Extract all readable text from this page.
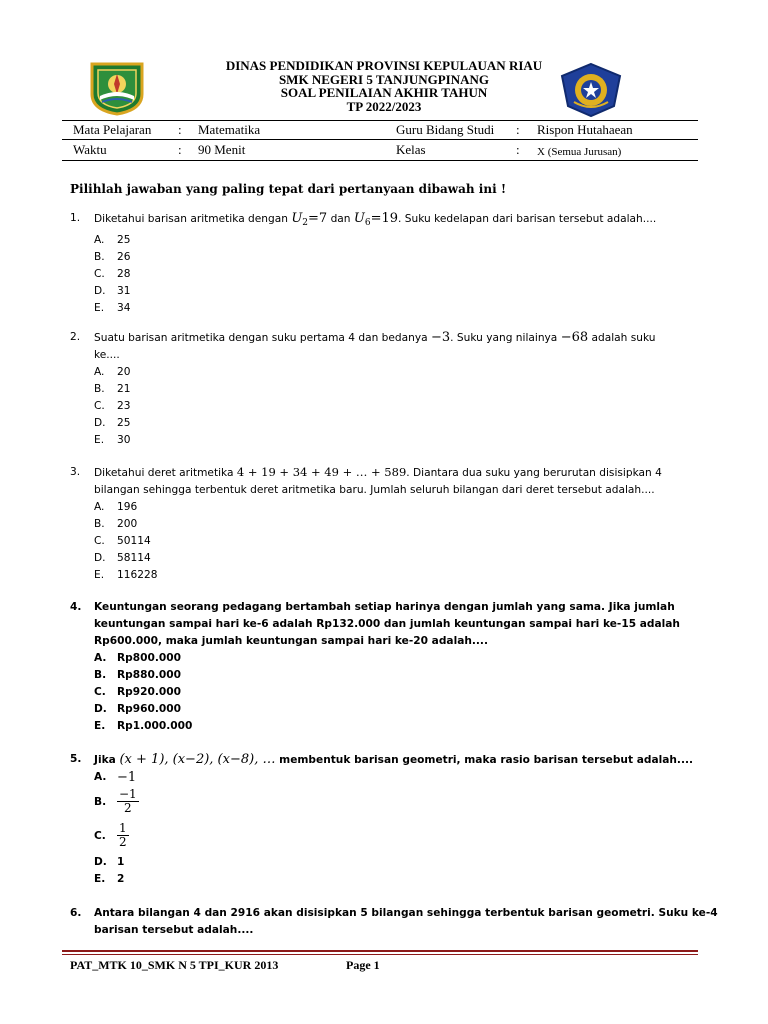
DINAS PENDIDIKAN PROVINSI KEPULAUAN RIAU
SMK NEGERI 5 TANJUNGPINANG
SOAL PENILAIAN AKHIR TAHUN
TP 2022/2023
Mata Pelajaran : Matematika	Guru Bidang Studi : Rispon Hutahaean
Waktu	: 90 Menit	Kelas	: X (Semua Jurusan)
Pilihlah jawaban yang paling tepat dari pertanyaan dibawah ini !
1. Diketahui barisan aritmetika dengan $U_2=7$ dan $U_6=19$. Suku kedelapan dari barisan tersebut adalah....
A. 25
B. 26
C. 28
D. 31
E. 34
2. Suatu barisan aritmetika dengan suku pertama 4 dan bedanya −3. Suku yang nilainya −68 adalah suku
ke....
A. 20
B. 21
C. 23
D. 25
E. 30
3. Diketahui deret aritmetika 4 + 19 + 34 + 49 + … + 589. Diantara dua suku yang berurutan disisipkan 4
bilangan sehingga terbentuk deret aritmetika baru. Jumlah seluruh bilangan dari deret tersebut adalah....
A. 196
B. 200
C. 50114
D. 58114
E. 116228
4. Keuntungan seorang pedagang bertambah setiap harinya dengan jumlah yang sama. Jika jumlah
keuntungan sampai hari ke-6 adalah Rp132.000 dan jumlah keuntungan sampai hari ke-15 adalah
Rp600.000, maka jumlah keuntungan sampai hari ke-20 adalah....
A. Rp800.000
B. Rp880.000
C. Rp920.000
D. Rp960.000
E. Rp1.000.000
5. Jika (x + 1), (x−2), (x−8), … membentuk barisan geometri, maka rasio barisan tersebut adalah....
A. −1
B. $\frac{-1}{2}$
C. $\frac{1}{2}$
D. 1
E. 2
6. Antara bilangan 4 dan 2916 akan disisipkan 5 bilangan sehingga terbentuk barisan geometri. Suku ke-4
barisan tersebut adalah....
PAT_MTK 10_SMK N 5 TPI_KUR 2013	Page 1
